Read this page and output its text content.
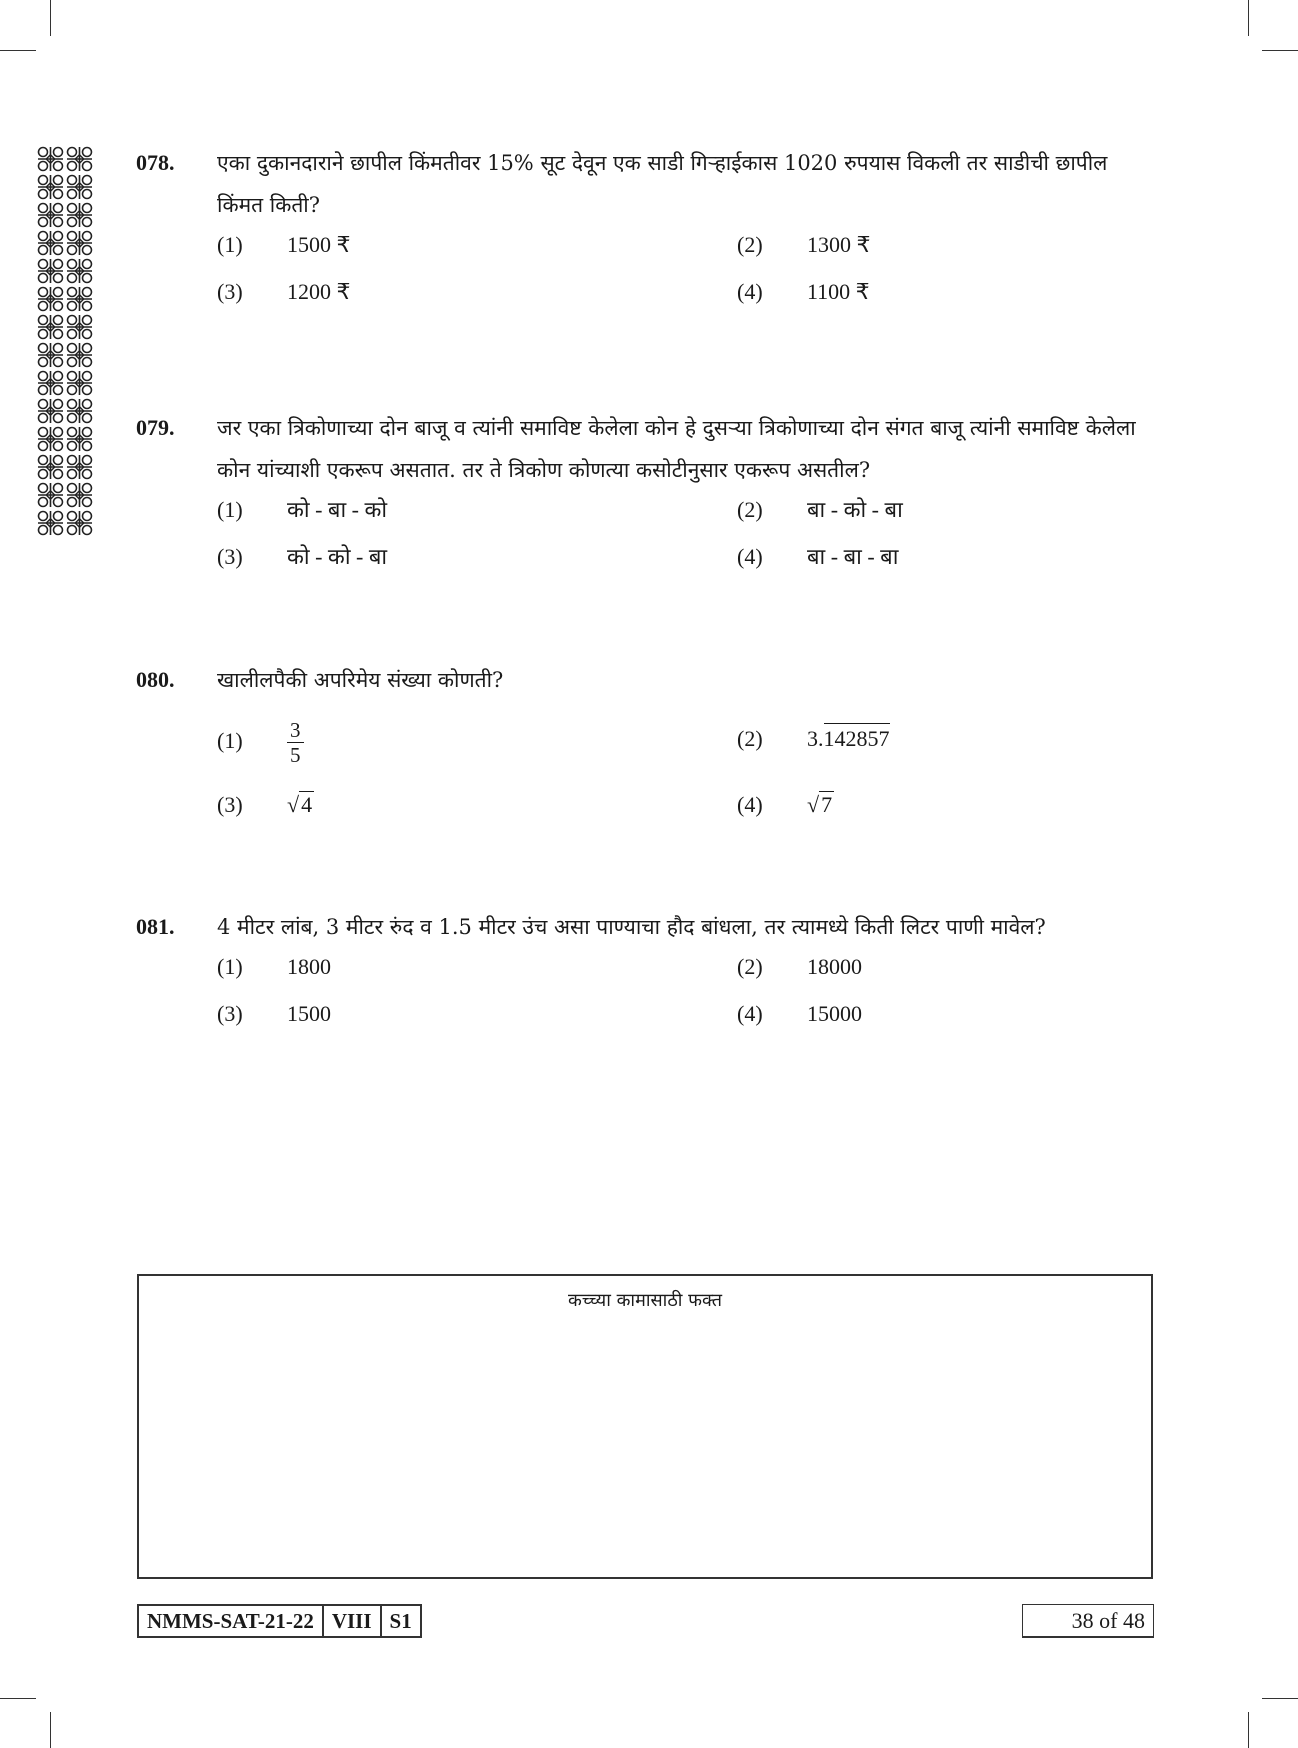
078. एका दुकानदाराने छापील किंमतीवर 15% सूट देवून एक साडी गिऱ्हाईकास 1020 रुपयास विकली तर साडीची छापील किंमत किती?
(1) 1500 ₹	(2) 1300 ₹
(3) 1200 ₹	(4) 1100 ₹
079. जर एका त्रिकोणाच्या दोन बाजू व त्यांनी समाविष्ट केलेला कोन हे दुसऱ्या त्रिकोणाच्या दोन संगत बाजू त्यांनी समाविष्ट केलेला कोन यांच्याशी एकरूप असतात. तर ते त्रिकोण कोणत्या कसोटीनुसार एकरूप असतील?
(1) को - बा - को	(2) बा - को - बा
(3) को - को - बा	(4) बा - बा - बा
080. खालीलपैकी अपरिमेय संख्या कोणती?
$(1) \frac{3}{5}$	(2) 3.142857
(3) √4	(4) √7
081. 4 मीटर लांब, 3 मीटर रुंद व 1.5 मीटर उंच असा पाण्याचा हौद बांधला, तर त्यामध्ये किती लिटर पाणी मावेल?
(1) 1800	(2) 18000
(3) 1500	(4) 15000
कच्च्या कामासाठी फक्त
NMMS-SAT-21-22 VIII S1	38 of 48
